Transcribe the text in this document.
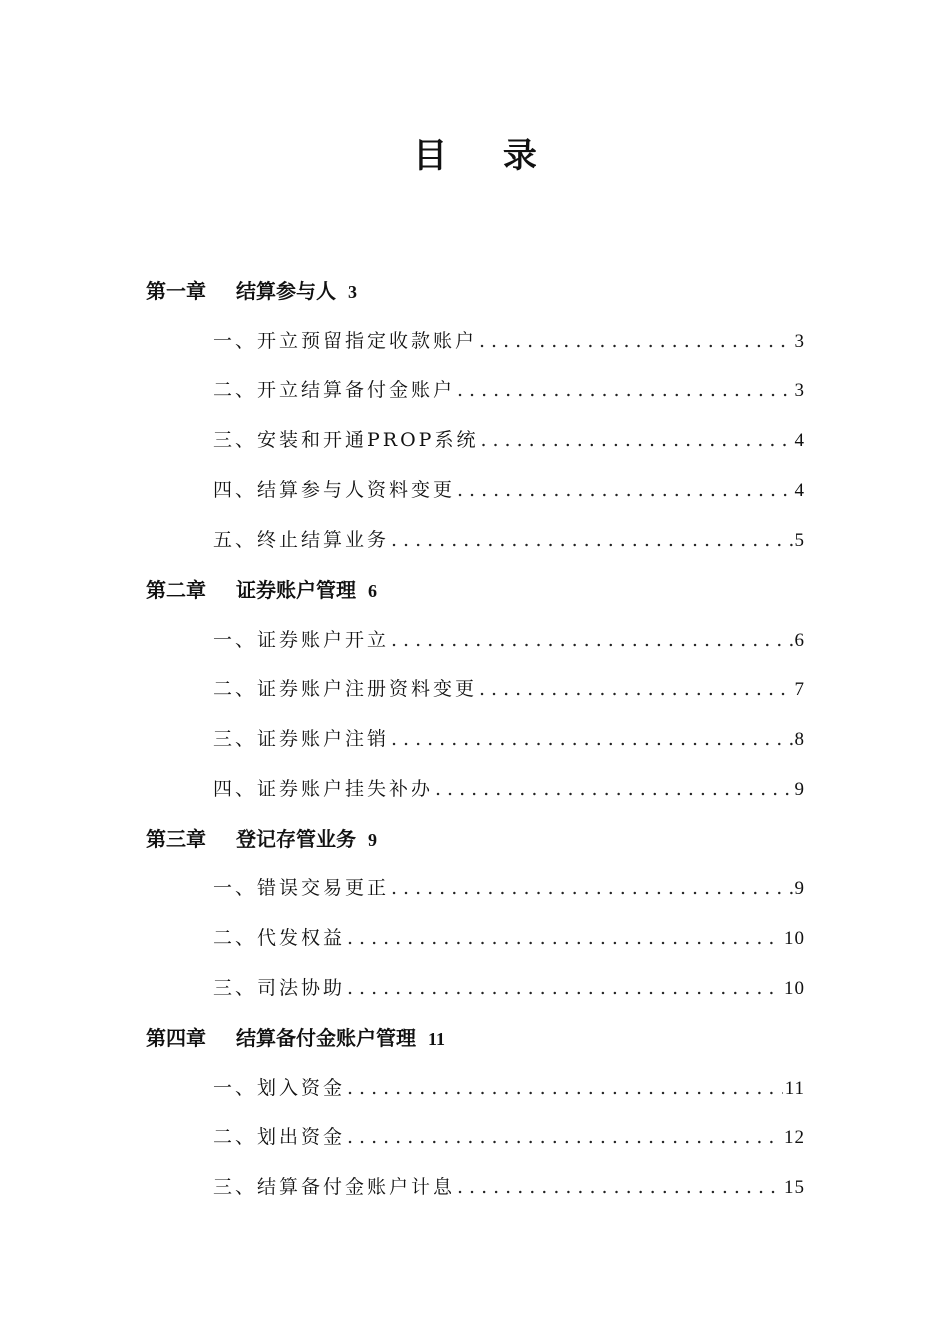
目 录
第一章 结算参与人 3
一、开立预留指定收款账户 .....	3
二、开立结算备付金账户 .....	3
三、安装和开通PROP系统 .....	4
四、结算参与人资料变更 .....	4
五、终止结算业务 .....	5
第二章 证券账户管理 6
一、证券账户开立 .....	6
二、证券账户注册资料变更 .....	7
三、证券账户注销 .....	8
四、证券账户挂失补办 .....	9
第三章 登记存管业务 9
一、错误交易更正 .....	9
二、代发权益 .....	10
三、司法协助 .....	10
第四章 结算备付金账户管理 11
一、划入资金 .....	11
二、划出资金 .....	12
三、结算备付金账户计息 .....	15
